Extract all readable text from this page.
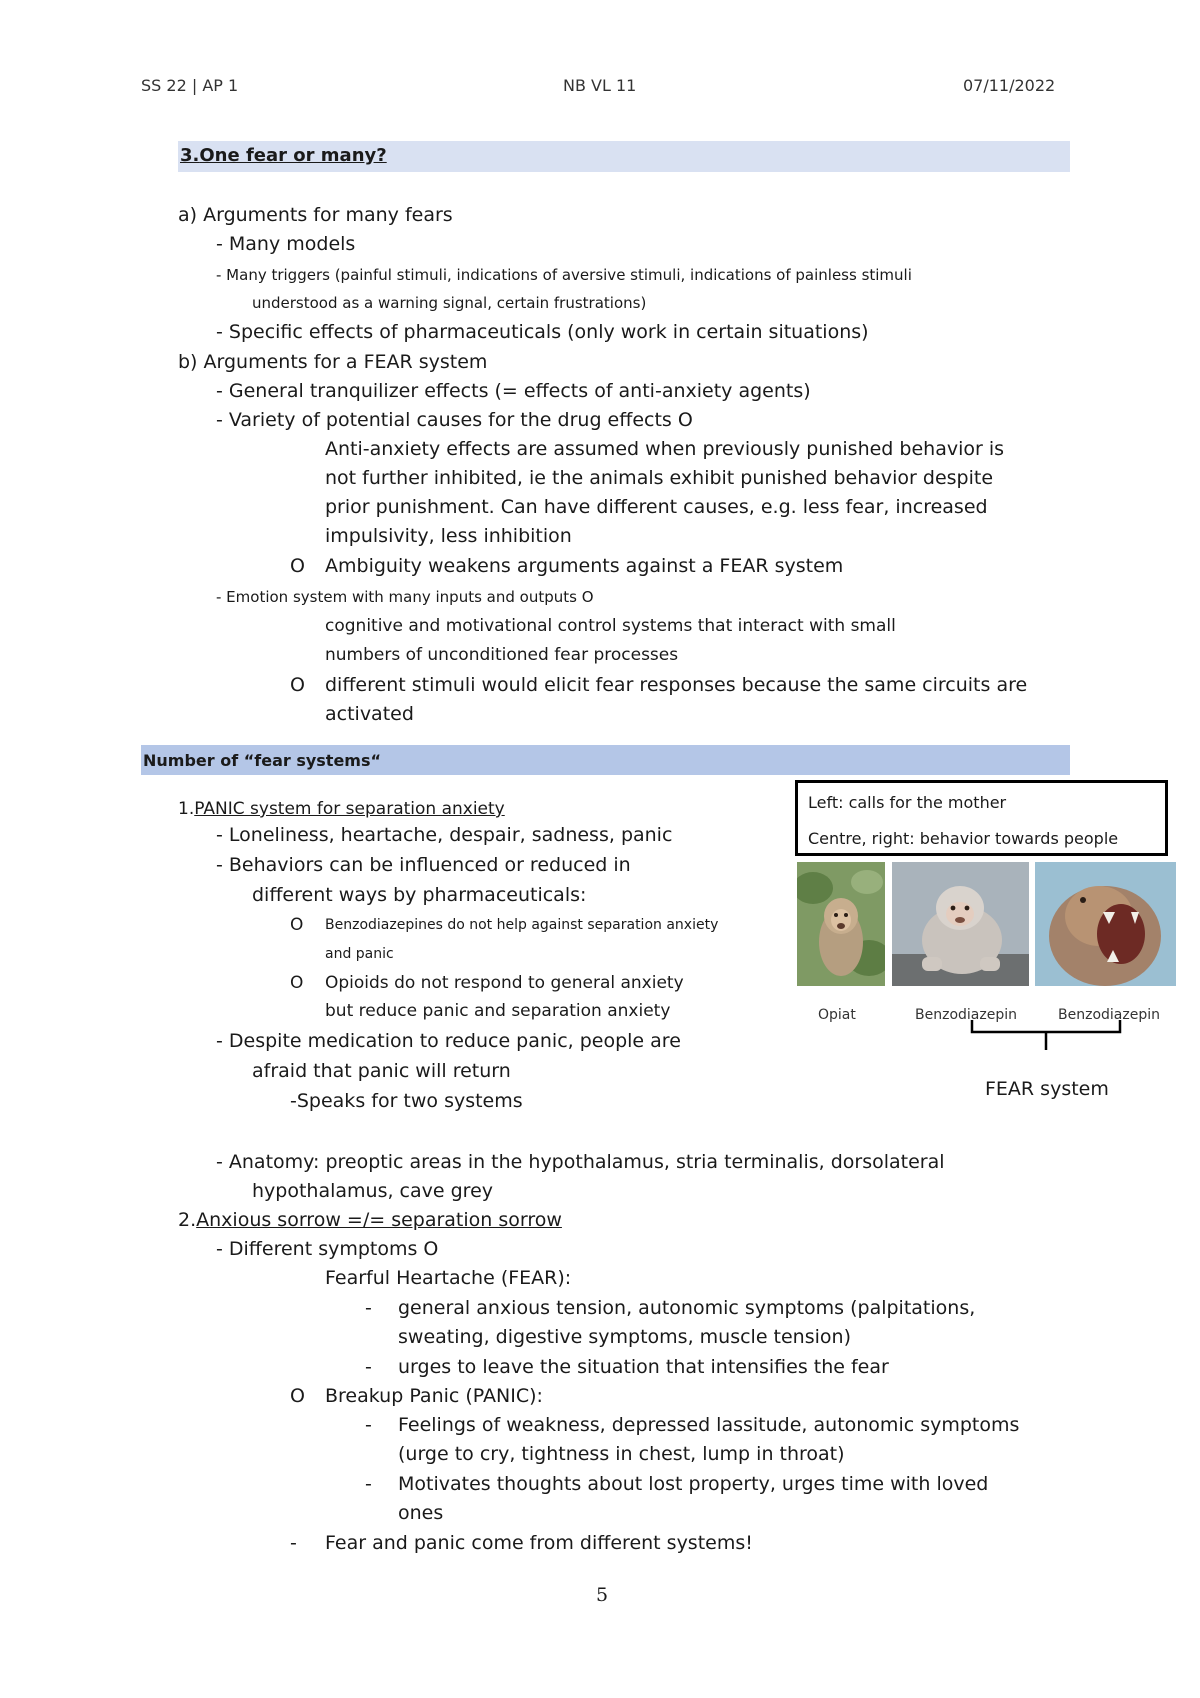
SS 22 | AP 1	NB VL 11	07/11/2022
3.One fear or many?
a) Arguments for many fears
- Many models
- Many triggers (painful stimuli, indications of aversive stimuli, indications of painless stimuli
understood as a warning signal, certain frustrations)
- Specific effects of pharmaceuticals (only work in certain situations)
b) Arguments for a FEAR system
- General tranquilizer effects (= effects of anti-anxiety agents)
- Variety of potential causes for the drug effects O
Anti-anxiety effects are assumed when previously punished behavior is
not further inhibited, ie the animals exhibit punished behavior despite
prior punishment. Can have different causes, e.g. less fear, increased
impulsivity, less inhibition
O Ambiguity weakens arguments against a FEAR system
- Emotion system with many inputs and outputs O
cognitive and motivational control systems that interact with small
numbers of unconditioned fear processes
O different stimuli would elicit fear responses because the same circuits are
activated
Number of “fear systems“
1.PANIC system for separation anxiety
- Loneliness, heartache, despair, sadness, panic
- Behaviors can be influenced or reduced in
different ways by pharmaceuticals:
O Benzodiazepines do not help against separation anxiety
and panic
O Opioids do not respond to general anxiety
but reduce panic and separation anxiety
- Despite medication to reduce panic, people are
afraid that panic will return
-Speaks for two systems
- Anatomy: preoptic areas in the hypothalamus, stria terminalis, dorsolateral
hypothalamus, cave grey
2.Anxious sorrow =/= separation sorrow
- Different symptoms O
Fearful Heartache (FEAR):
- general anxious tension, autonomic symptoms (palpitations,
sweating, digestive symptoms, muscle tension)
- urges to leave the situation that intensifies the fear
O Breakup Panic (PANIC):
- Feelings of weakness, depressed lassitude, autonomic symptoms
(urge to cry, tightness in chest, lump in throat)
- Motivates thoughts about lost property, urges time with loved
ones
- Fear and panic come from different systems!
Left: calls for the mother
Centre, right: behavior towards people
Opiat	Benzodiazepin	Benzodiazepin
FEAR system
5
